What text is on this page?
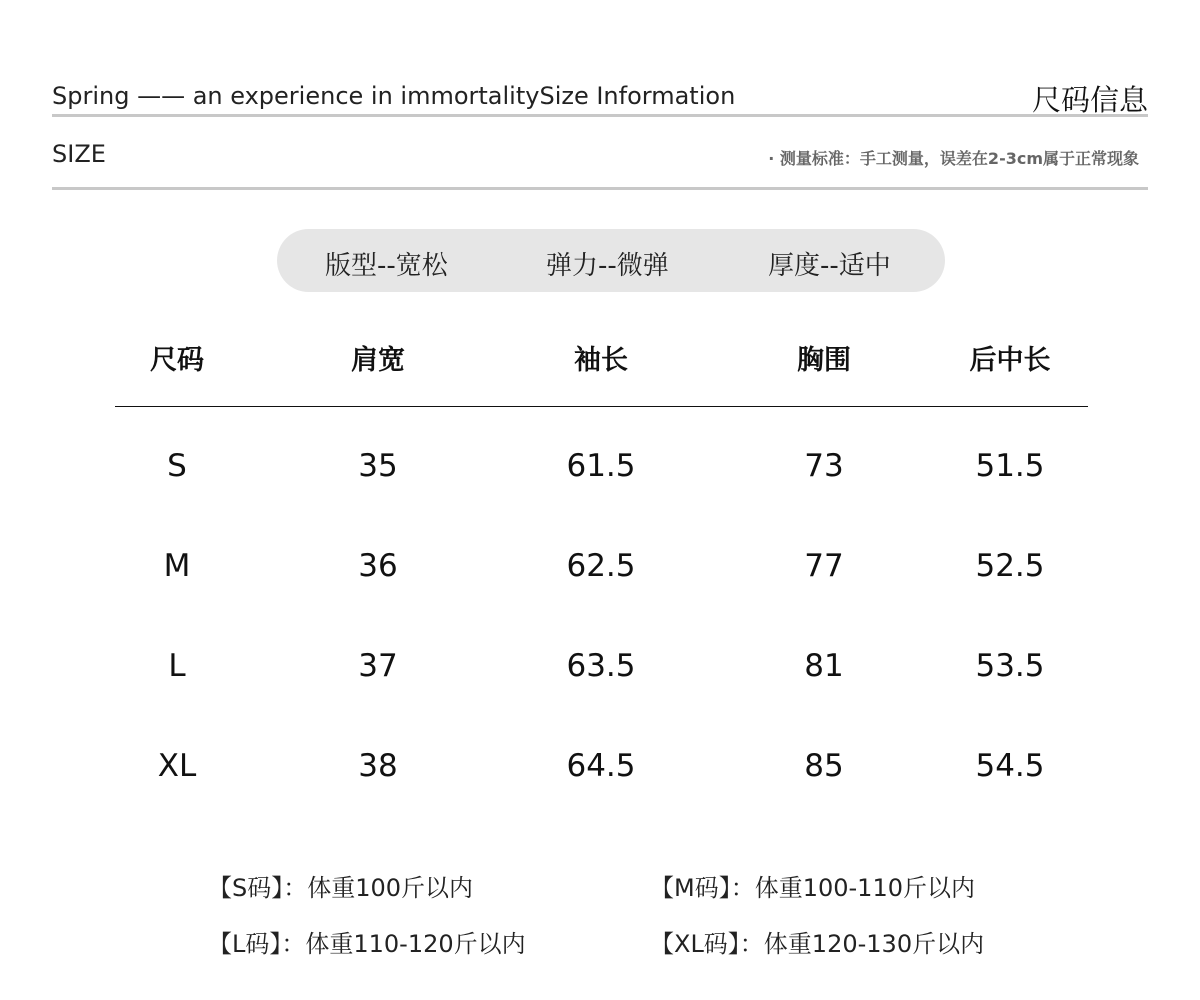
Spring —— an experience in immortalitySize Information	尺码信息
SIZE	· 测量标准：手工测量，误差在2-3cm属于正常现象
版型--宽松	弹力--微弹	厚度--适中
尺码	肩宽	袖长	胸围	后中长
S	35	61.5	73	51.5
M	36	62.5	77	52.5
L	37	63.5	81	53.5
XL	38	64.5	85	54.5
【S码】：体重100斤以内	【M码】：体重100-110斤以内
【L码】：体重110-120斤以内	【XL码】：体重120-130斤以内
